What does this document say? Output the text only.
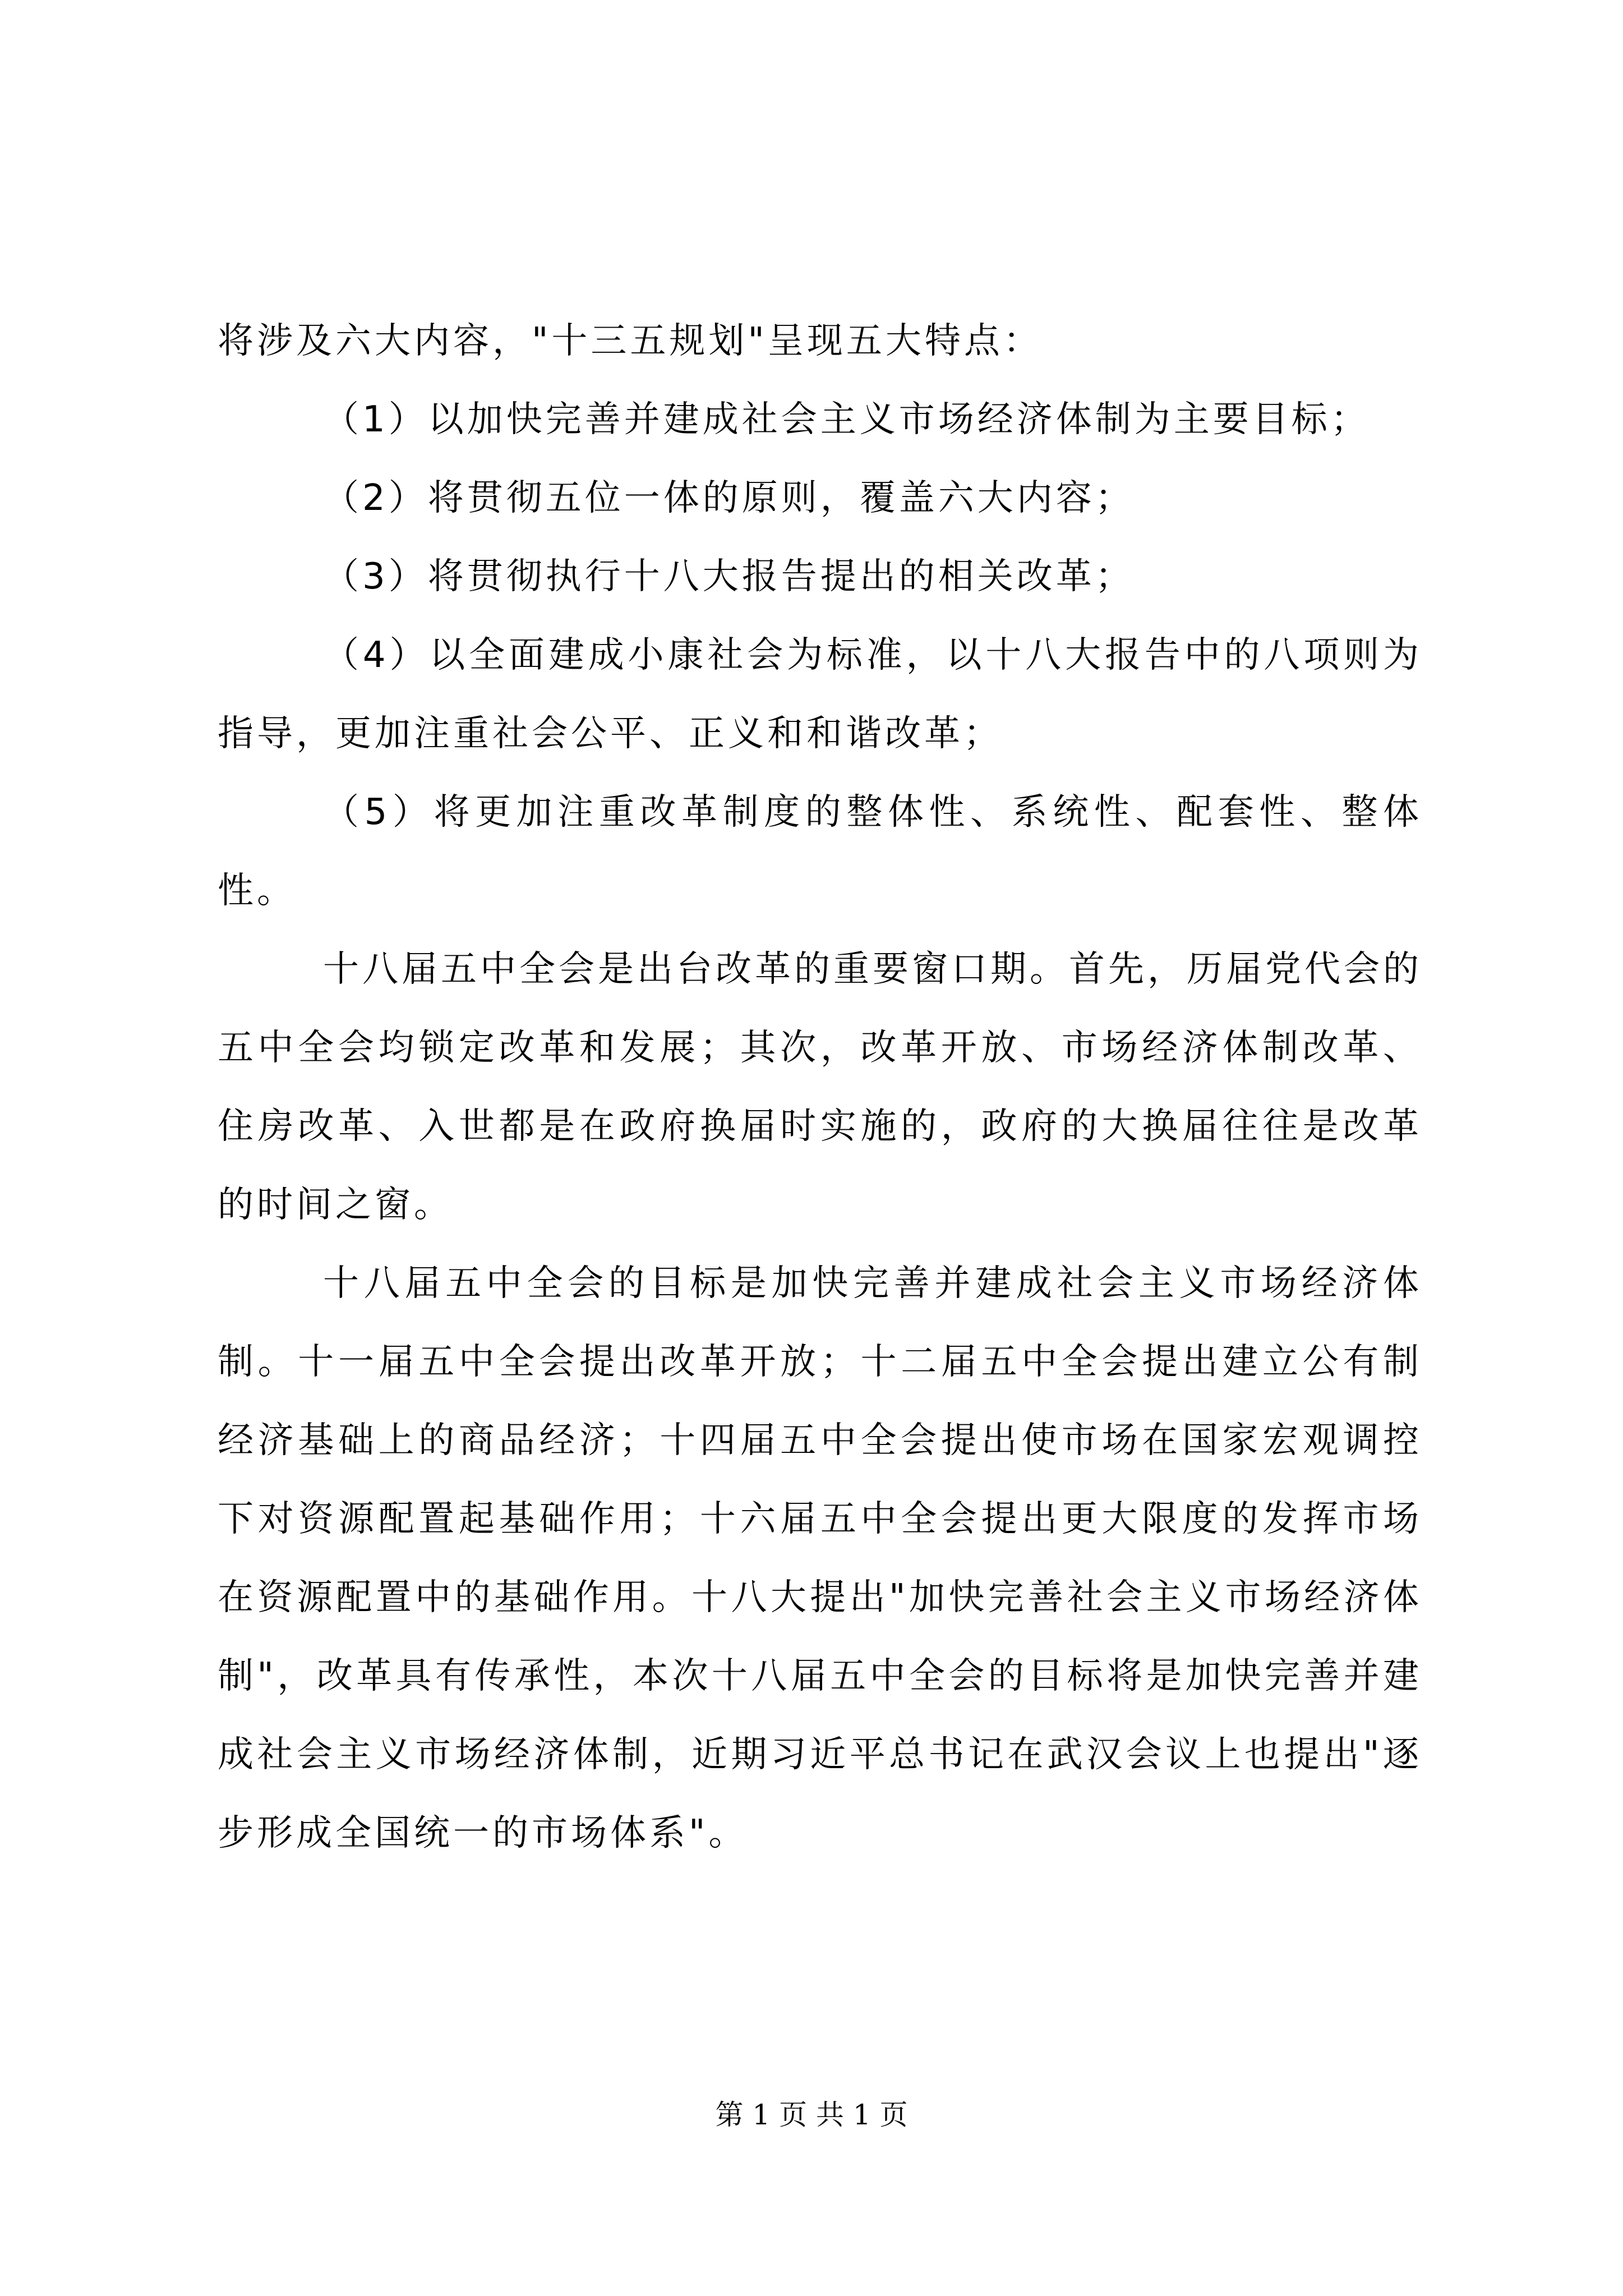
将涉及六大内容，"十三五规划"呈现五大特点：

（1）以加快完善并建成社会主义市场经济体制为主要目标；

（2）将贯彻五位一体的原则，覆盖六大内容；

（3）将贯彻执行十八大报告提出的相关改革；

（4）以全面建成小康社会为标准，以十八大报告中的八项则为指导，更加注重社会公平、正义和和谐改革；

（5）将更加注重改革制度的整体性、系统性、配套性、整体性。

十八届五中全会是出台改革的重要窗口期。首先，历届党代会的五中全会均锁定改革和发展；其次，改革开放、市场经济体制改革、住房改革、入世都是在政府换届时实施的，政府的大换届往往是改革的时间之窗。

十八届五中全会的目标是加快完善并建成社会主义市场经济体制。十一届五中全会提出改革开放；十二届五中全会提出建立公有制经济基础上的商品经济；十四届五中全会提出使市场在国家宏观调控下对资源配置起基础作用；十六届五中全会提出更大限度的发挥市场在资源配置中的基础作用。十八大提出"加快完善社会主义市场经济体制"，改革具有传承性，本次十八届五中全会的目标将是加快完善并建成社会主义市场经济体制，近期习近平总书记在武汉会议上也提出"逐步形成全国统一的市场体系"。

第 1 页 共 1 页
